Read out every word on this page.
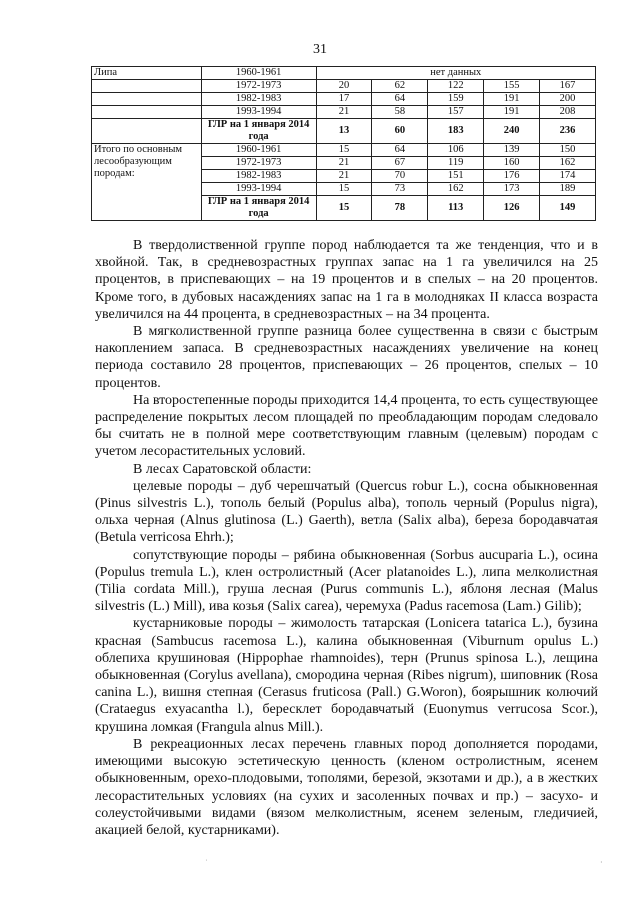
31
Липа	1960-1961	нет данных				
	1972-1973	20	62	122	155	167
	1982-1983	17	64	159	191	200
	1993-1994	21	58	157	191	208
	ГЛР на 1 января 2014 года	13	60	183	240	236
Итого по основным лесообразующим породам:	1960-1961	15	64	106	139	150
	1972-1973	21	67	119	160	162
	1982-1983	21	70	151	176	174
	1993-1994	15	73	162	173	189
	ГЛР на 1 января 2014 года	15	78	113	126	149

В твердолиственной группе пород наблюдается та же тенденция, что и в хвойной. Так, в средневозрастных группах запас на 1 га увеличился на 25 процентов, в приспевающих – на 19 процентов и в спелых – на 20 процентов. Кроме того, в дубовых насаждениях запас на 1 га в молодняках II класса возраста увеличился на 44 процента, в средневозрастных – на 34 процента.

В мягколиственной группе разница более существенна в связи с быстрым накоплением запаса. В средневозрастных насаждениях увеличение на конец периода составило 28 процентов, приспевающих – 26 процентов, спелых – 10 процентов.

На второстепенные породы приходится 14,4 процента, то есть существующее распределение покрытых лесом площадей по преобладающим породам следовало бы считать не в полной мере соответствующим главным (целевым) породам с учетом лесорастительных условий.

В лесах Саратовской области:

целевые породы – дуб черешчатый (Quercus robur L.), сосна обыкновенная (Pinus silvestris L.), тополь белый (Populus alba), тополь черный (Populus nigra), ольха черная (Alnus glutinosa (L.) Gaerth), ветла (Salix alba), береза бородавчатая (Betula verricosa Ehrh.);

сопутствующие породы – рябина обыкновенная (Sorbus aucuparia L.), осина (Populus tremula L.), клен остролистный (Acer platanoides L.), липа мелколистная (Tilia cordata Mill.), груша лесная (Purus communis L.), яблоня лесная (Malus silvestris (L.) Mill), ива козья (Salix carea), черемуха (Padus racemosa (Lam.) Gilib);

кустарниковые породы – жимолость татарская (Lonicera tatarica L.), бузина красная (Sambucus racemosa L.), калина обыкновенная (Viburnum opulus L.) облепиха крушиновая (Hippophae rhamnoides), терн (Prunus spinosa L.), лещина обыкновенная (Corylus avellana), смородина черная (Ribes nigrum), шиповник (Rosa canina L.), вишня степная (Cerasus fruticosa (Pall.) G.Woron), боярышник колючий (Crataegus exyacantha l.), бересклет бородавчатый (Euonymus verrucosa Scor.), крушина ломкая (Frangula alnus Mill.).

В рекреационных лесах перечень главных пород дополняется породами, имеющими высокую эстетическую ценность (кленом остролистным, ясенем обыкновенным, орехо-плодовыми, тополями, березой, экзотами и др.), а в жестких лесорастительных условиях (на сухих и засоленных почвах и пр.) – засухо- и солеустойчивыми видами (вязом мелколистным, ясенем зеленым, гледичией, акацией белой, кустарниками).

˙	·
